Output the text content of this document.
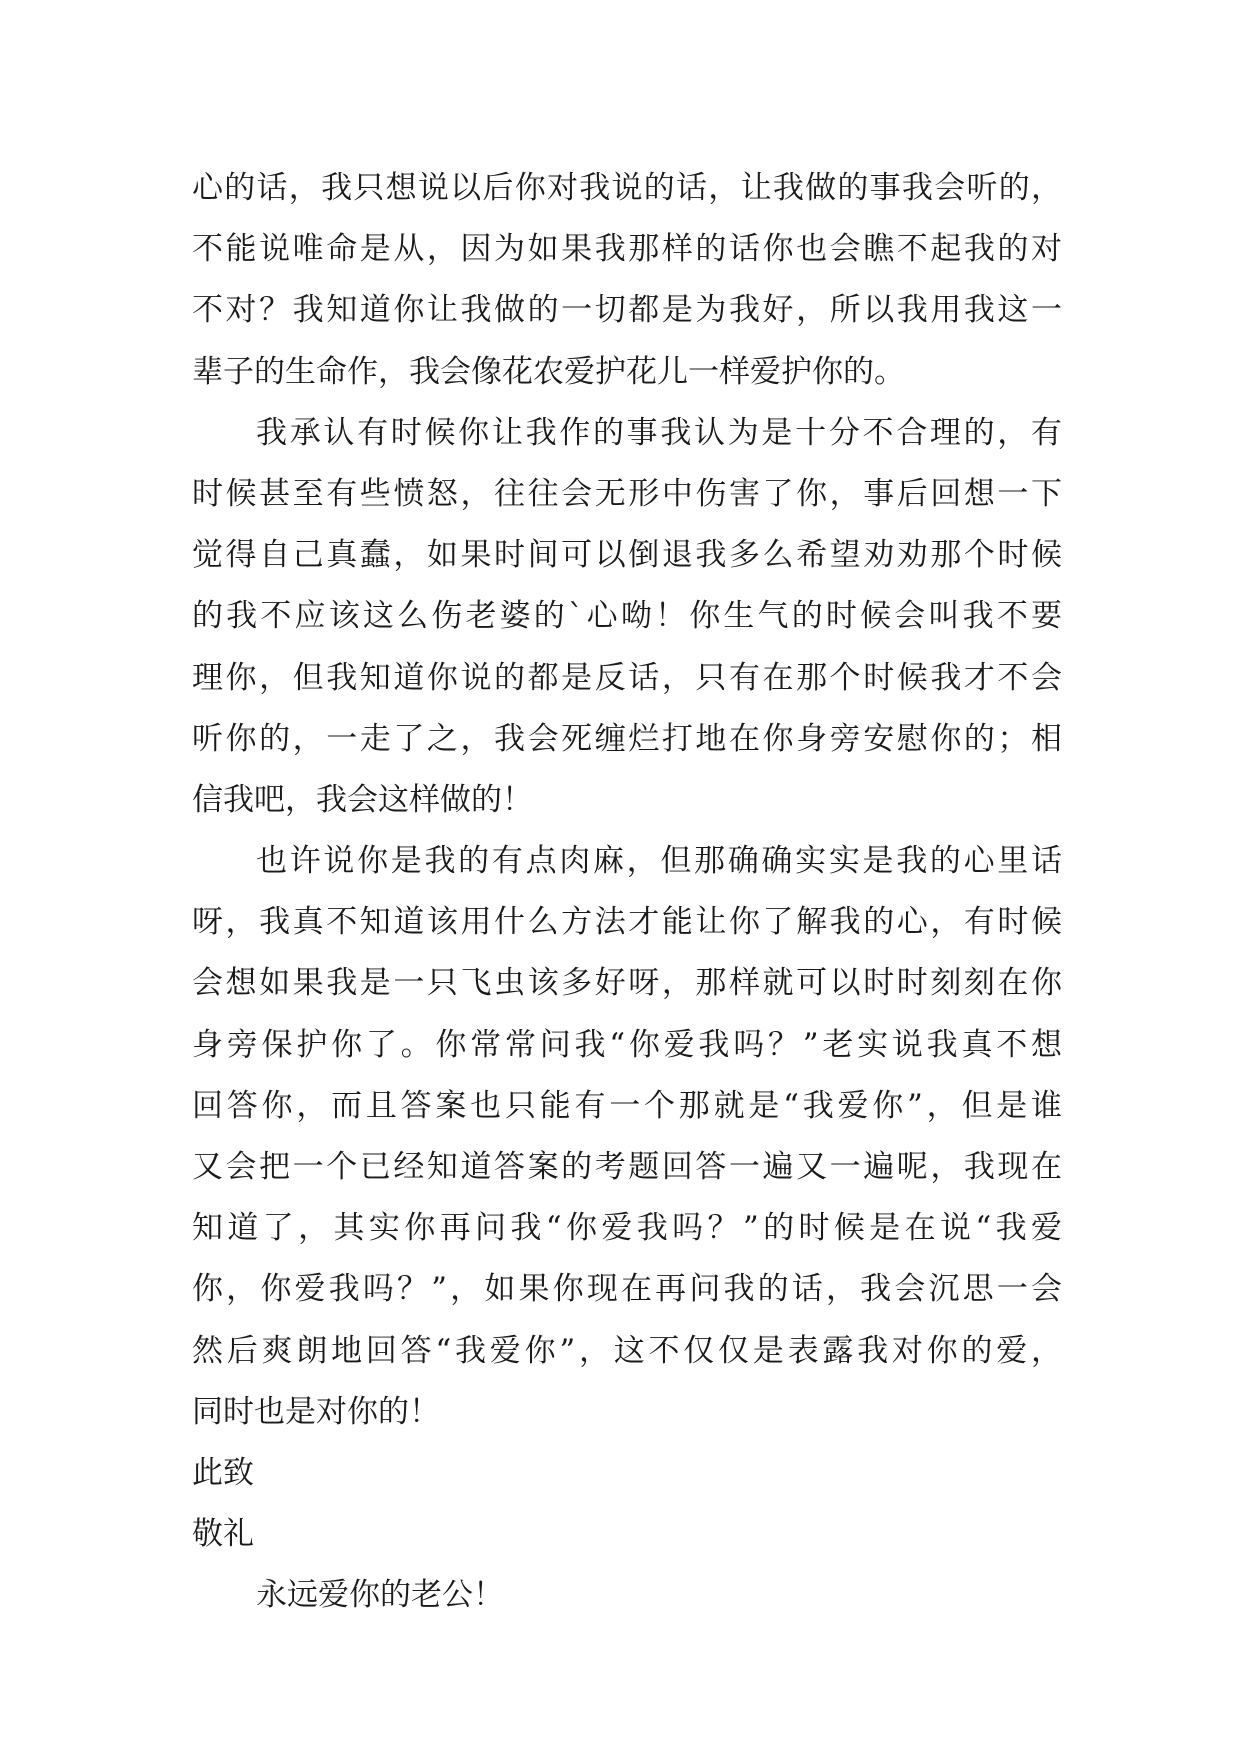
心的话，我只想说以后你对我说的话，让我做的事我会听的，
不能说唯命是从，因为如果我那样的话你也会瞧不起我的对
不对？我知道你让我做的一切都是为我好，所以我用我这一
辈子的生命作，我会像花农爱护花儿一样爱护你的。
我承认有时候你让我作的事我认为是十分不合理的，有
时候甚至有些愤怒，往往会无形中伤害了你，事后回想一下
觉得自己真蠢，如果时间可以倒退我多么希望劝劝那个时候
的我不应该这么伤老婆的`心呦！你生气的时候会叫我不要
理你，但我知道你说的都是反话，只有在那个时候我才不会
听你的，一走了之，我会死缠烂打地在你身旁安慰你的；相
信我吧，我会这样做的！
也许说你是我的有点肉麻，但那确确实实是我的心里话
呀，我真不知道该用什么方法才能让你了解我的心，有时候
会想如果我是一只飞虫该多好呀，那样就可以时时刻刻在你
身旁保护你了。你常常问我“你爱我吗？”老实说我真不想
回答你，而且答案也只能有一个那就是“我爱你”，但是谁
又会把一个已经知道答案的考题回答一遍又一遍呢，我现在
知道了，其实你再问我“你爱我吗？”的时候是在说“我爱
你，你爱我吗？”，如果你现在再问我的话，我会沉思一会
然后爽朗地回答“我爱你”，这不仅仅是表露我对你的爱，
同时也是对你的！
此致
敬礼
永远爱你的老公！
